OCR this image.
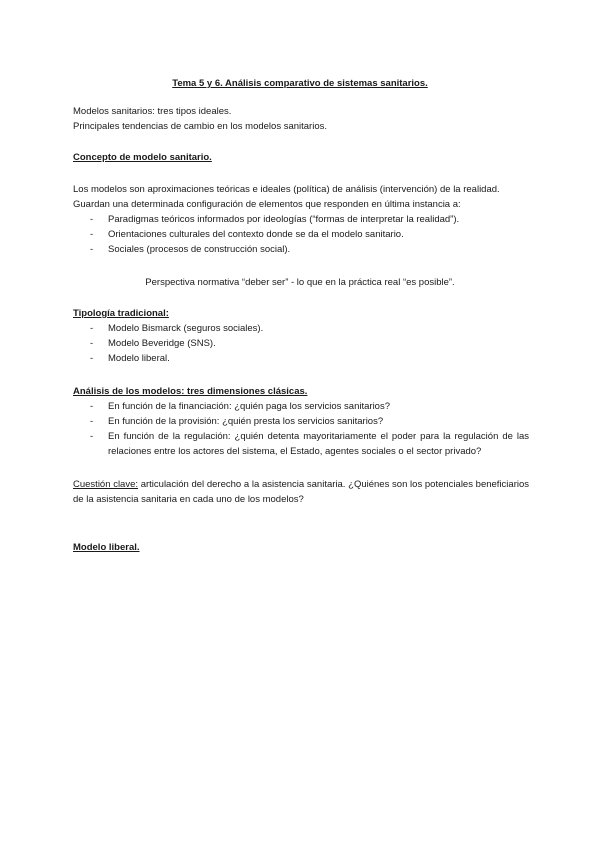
Tema 5 y 6. Análisis comparativo de sistemas sanitarios.
Modelos sanitarios: tres tipos ideales.
Principales tendencias de cambio en los modelos sanitarios.
Concepto de modelo sanitario.
Los modelos son aproximaciones teóricas e ideales (política) de análisis (intervención) de la realidad.
Guardan una determinada configuración de elementos que responden en última instancia a:
- Paradigmas teóricos informados por ideologías (“formas de interpretar la realidad”).
- Orientaciones culturales del contexto donde se da el modelo sanitario.
- Sociales (procesos de construcción social).
Perspectiva normativa “deber ser” - lo que en la práctica real “es posible”.
Tipología tradicional:
- Modelo Bismarck (seguros sociales).
- Modelo Beveridge (SNS).
- Modelo liberal.
Análisis de los modelos: tres dimensiones clásicas.
- En función de la financiación: ¿quién paga los servicios sanitarios?
- En función de la provisión: ¿quién presta los servicios sanitarios?
- En función de la regulación: ¿quién detenta mayoritariamente el poder para la regulación de las relaciones entre los actores del sistema, el Estado, agentes sociales o el sector privado?
Cuestión clave: articulación del derecho a la asistencia sanitaria. ¿Quiénes son los potenciales beneficiarios de la asistencia sanitaria en cada uno de los modelos?
Modelo liberal.
